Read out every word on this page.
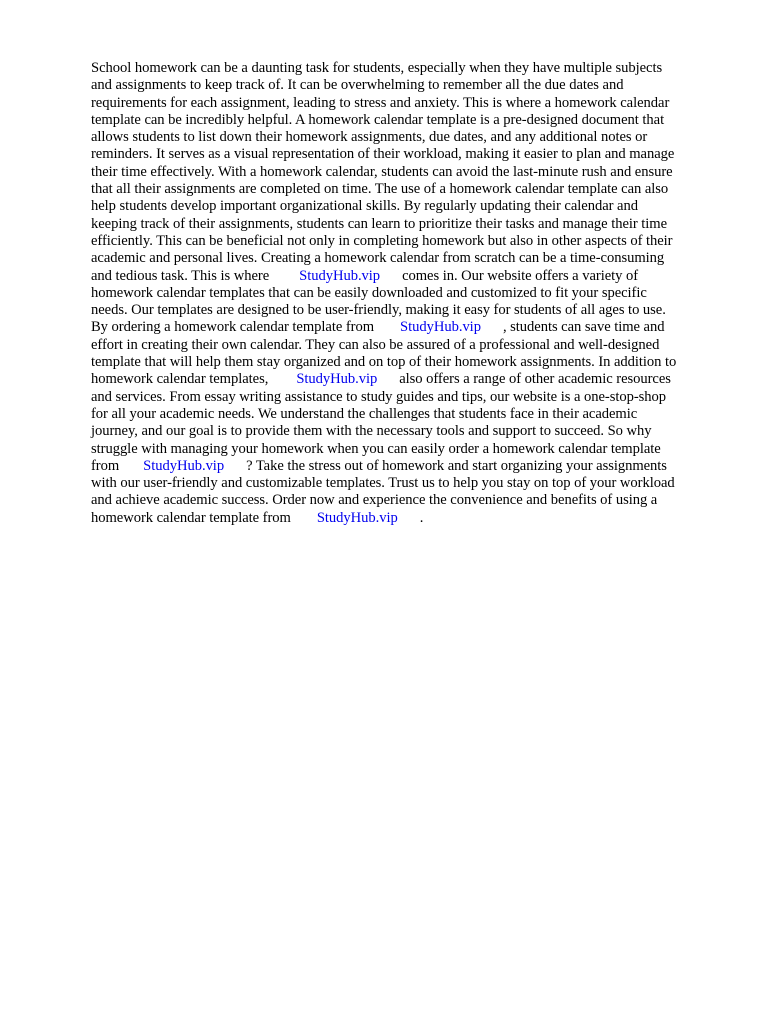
School homework can be a daunting task for students, especially when they have multiple subjects
and assignments to keep track of. It can be overwhelming to remember all the due dates and
requirements for each assignment, leading to stress and anxiety. This is where a homework calendar
template can be incredibly helpful. A homework calendar template is a pre-designed document that
allows students to list down their homework assignments, due dates, and any additional notes or
reminders. It serves as a visual representation of their workload, making it easier to plan and manage
their time effectively. With a homework calendar, students can avoid the last-minute rush and ensure
that all their assignments are completed on time. The use of a homework calendar template can also
help students develop important organizational skills. By regularly updating their calendar and
keeping track of their assignments, students can learn to prioritize their tasks and manage their time
efficiently. This can be beneficial not only in completing homework but also in other aspects of their
academic and personal lives. Creating a homework calendar from scratch can be a time-consuming
and tedious task. This is where StudyHub.vip comes in. Our website offers a variety of
homework calendar templates that can be easily downloaded and customized to fit your specific
needs. Our templates are designed to be user-friendly, making it easy for students of all ages to use.
By ordering a homework calendar template from StudyHub.vip , students can save time and
effort in creating their own calendar. They can also be assured of a professional and well-designed
template that will help them stay organized and on top of their homework assignments. In addition to
homework calendar templates, StudyHub.vip also offers a range of other academic resources
and services. From essay writing assistance to study guides and tips, our website is a one-stop-shop
for all your academic needs. We understand the challenges that students face in their academic
journey, and our goal is to provide them with the necessary tools and support to succeed. So why
struggle with managing your homework when you can easily order a homework calendar template
from StudyHub.vip ? Take the stress out of homework and start organizing your assignments
with our user-friendly and customizable templates. Trust us to help you stay on top of your workload
and achieve academic success. Order now and experience the convenience and benefits of using a
homework calendar template from StudyHub.vip .
